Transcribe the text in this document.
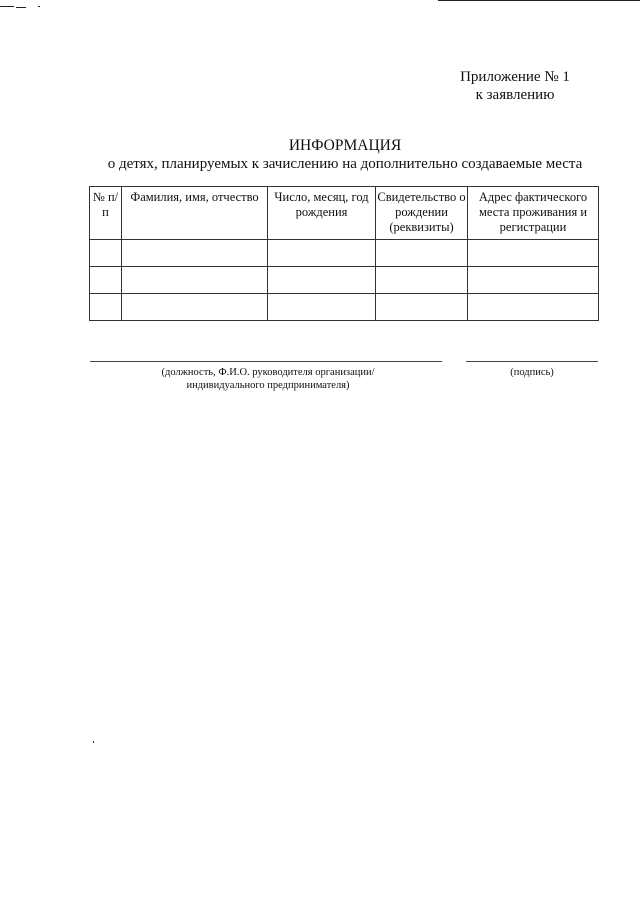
Приложение № 1
к заявлению
ИНФОРМАЦИЯ
о детях, планируемых к зачислению на дополнительно создаваемые места
№ п/п	Фамилия, имя, отчество	Число, месяц, год рождения	Свидетельство о рождении (реквизиты)	Адрес фактического места проживания и регистрации

(должность, Ф.И.О. руководителя организации/ индивидуального предпринимателя)
(подпись)
